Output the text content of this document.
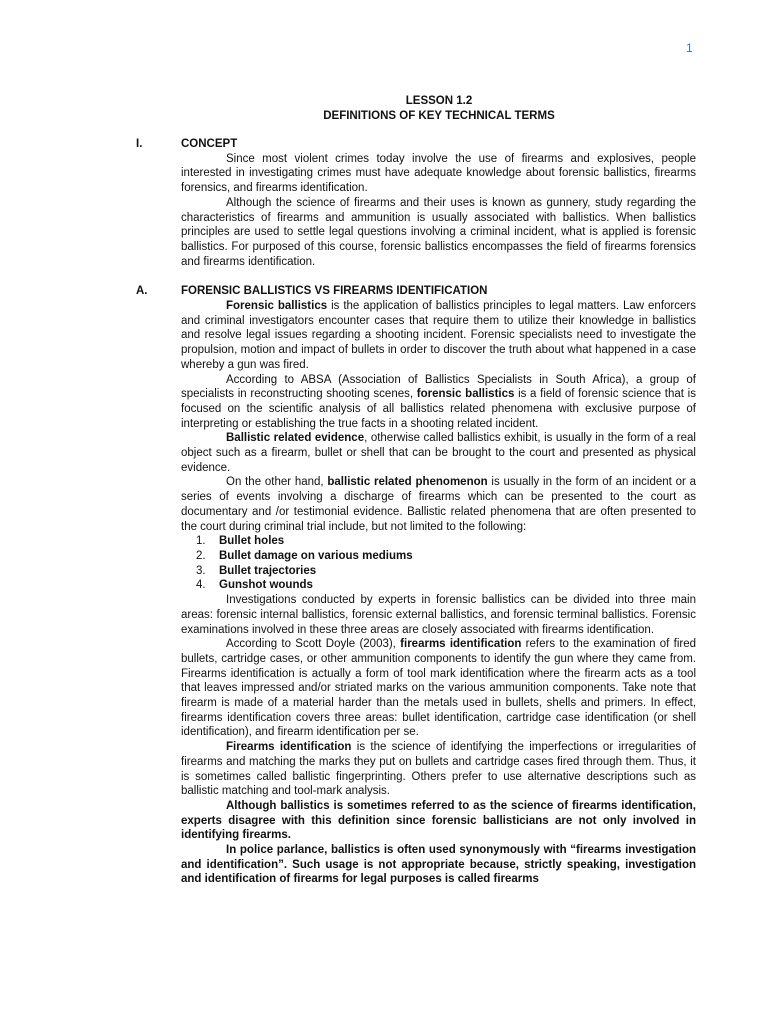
1
LESSON 1.2
DEFINITIONS OF KEY TECHNICAL TERMS
I.	CONCEPT

Since most violent crimes today involve the use of firearms and explosives, people interested in investigating crimes must have adequate knowledge about forensic ballistics, firearms forensics, and firearms identification.

Although the science of firearms and their uses is known as gunnery, study regarding the characteristics of firearms and ammunition is usually associated with ballistics. When ballistics principles are used to settle legal questions involving a criminal incident, what is applied is forensic ballistics. For purposed of this course, forensic ballistics encompasses the field of firearms forensics and firearms identification.

A.	FORENSIC BALLISTICS VS FIREARMS IDENTIFICATION

Forensic ballistics is the application of ballistics principles to legal matters. Law enforcers and criminal investigators encounter cases that require them to utilize their knowledge in ballistics and resolve legal issues regarding a shooting incident. Forensic specialists need to investigate the propulsion, motion and impact of bullets in order to discover the truth about what happened in a case whereby a gun was fired.

According to ABSA (Association of Ballistics Specialists in South Africa), a group of specialists in reconstructing shooting scenes, forensic ballistics is a field of forensic science that is focused on the scientific analysis of all ballistics related phenomena with exclusive purpose of interpreting or establishing the true facts in a shooting related incident.

Ballistic related evidence, otherwise called ballistics exhibit, is usually in the form of a real object such as a firearm, bullet or shell that can be brought to the court and presented as physical evidence.

On the other hand, ballistic related phenomenon is usually in the form of an incident or a series of events involving a discharge of firearms which can be presented to the court as documentary and /or testimonial evidence. Ballistic related phenomena that are often presented to the court during criminal trial include, but not limited to the following:

1.	Bullet holes
2.	Bullet damage on various mediums
3.	Bullet trajectories
4.	Gunshot wounds

Investigations conducted by experts in forensic ballistics can be divided into three main areas: forensic internal ballistics, forensic external ballistics, and forensic terminal ballistics. Forensic examinations involved in these three areas are closely associated with firearms identification.

According to Scott Doyle (2003), firearms identification refers to the examination of fired bullets, cartridge cases, or other ammunition components to identify the gun where they came from. Firearms identification is actually a form of tool mark identification where the firearm acts as a tool that leaves impressed and/or striated marks on the various ammunition components. Take note that firearm is made of a material harder than the metals used in bullets, shells and primers. In effect, firearms identification covers three areas: bullet identification, cartridge case identification (or shell identification), and firearm identification per se.

Firearms identification is the science of identifying the imperfections or irregularities of firearms and matching the marks they put on bullets and cartridge cases fired through them. Thus, it is sometimes called ballistic fingerprinting. Others prefer to use alternative descriptions such as ballistic matching and tool-mark analysis.

Although ballistics is sometimes referred to as the science of firearms identification, experts disagree with this definition since forensic ballisticians are not only involved in identifying firearms.

In police parlance, ballistics is often used synonymously with “firearms investigation and identification”. Such usage is not appropriate because, strictly speaking, investigation and identification of firearms for legal purposes is called firearms
